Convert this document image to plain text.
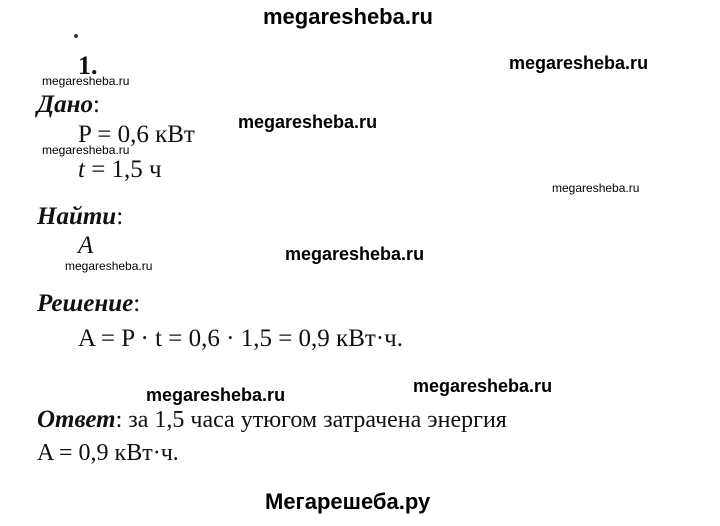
megaresheba.ru
1.	megaresheba.ru
megaresheba.ru
Дано:
P = 0,6 кВт megaresheba.ru
megaresheba.ru
t = 1,5 ч
megaresheba.ru
Найти:
A	megaresheba.ru
megaresheba.ru
Решение:
A = P · t = 0,6 · 1,5 = 0,9 кВт·ч.
megaresheba.ru	megaresheba.ru
Ответ: за 1,5 часа утюгом затрачена энергия
A = 0,9 кВт·ч.
Мегарешеба.ру
